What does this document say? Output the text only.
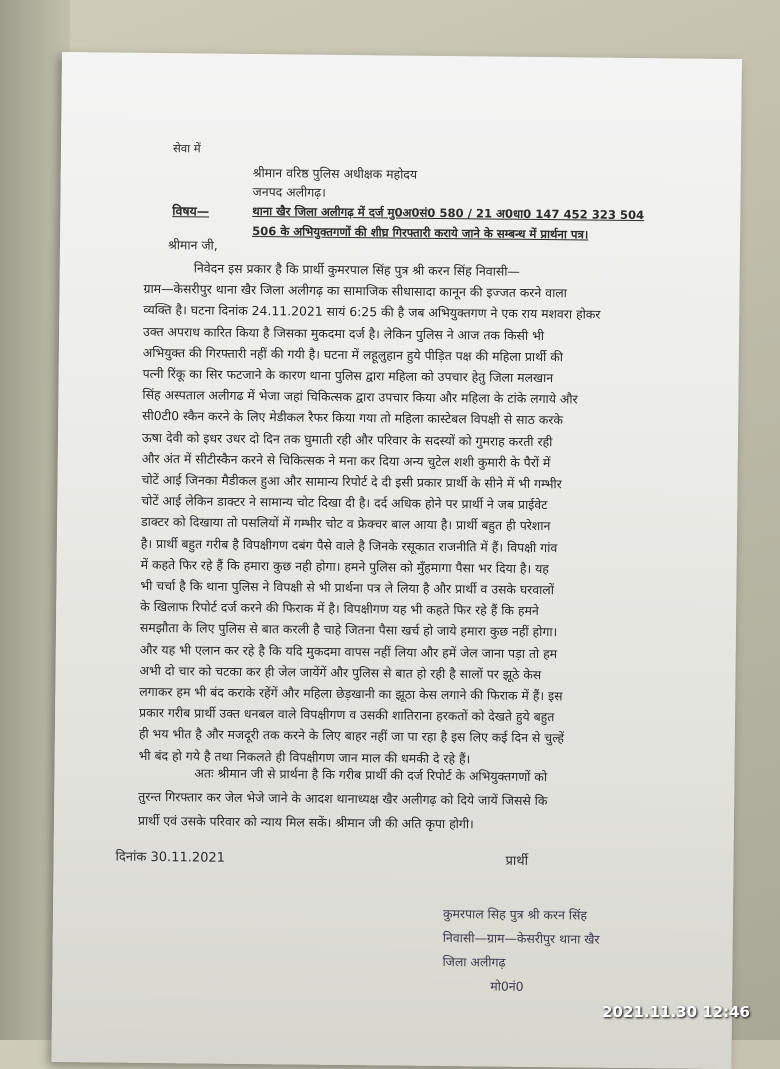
सेवा में
श्रीमान वरिष्ठ पुलिस अधीक्षक महोदय
जनपद अलीगढ़।
विषय—	थाना खैर जिला अलीगढ़ में दर्ज मु0अ0सं0 580 / 21 अ0धा0 147 452 323 504
506 के अभियुक्तगणों की शीघ्र गिरफ्तारी कराये जाने के सम्बन्ध में प्रार्थना पत्र।
श्रीमान जी,
निवेदन इस प्रकार है कि प्रार्थी कुमरपाल सिंह पुत्र श्री करन सिंह निवासी—
ग्राम—केसरीपुर थाना खैर जिला अलीगढ़ का सामाजिक सीधासादा कानून की इज्जत करने वाला
व्यक्ति है। घटना दिनांक 24.11.2021 सायं 6:25 की है जब अभियुक्तगण ने एक राय मशवरा होकर
उक्त अपराध कारित किया है जिसका मुकदमा दर्ज है। लेकिन पुलिस ने आज तक किसी भी
अभियुक्त की गिरफ्तारी नहीं की गयी है। घटना में लहूलुहान हुये पीड़ित पक्ष की महिला प्रार्थी की
पत्नी रिंकू का सिर फटजाने के कारण थाना पुलिस द्वारा महिला को उपचार हेतु जिला मलखान
सिंह अस्पताल अलीगढ में भेजा जहां चिकित्सक द्वारा उपचार किया और महिला के टांके लगाये और
सी0टी0 स्कैन करने के लिए मेडीकल रैफर किया गया तो महिला कास्टेबल विपक्षी से साठ करके
ऊषा देवी को इधर उधर दो दिन तक घुमाती रही और परिवार के सदस्यों को गुमराह करती रही
और अंत में सीटीस्कैन करने से चिकित्सक ने मना कर दिया अन्य चुटेल शशी कुमारी के पैरों में
चोटें आई जिनका मैडीकल हुआ और सामान्य रिपोर्ट दे दी इसी प्रकार प्रार्थी के सीने में भी गम्भीर
चोटें आई लेकिन डाक्टर ने सामान्य चोट दिखा दी है। दर्द अधिक होने पर प्रार्थी ने जब प्राईवेट
डाक्टर को दिखाया तो पसलियों में गम्भीर चोट व फ्रेक्चर बाल आया है। प्रार्थी बहुत ही परेशान
है। प्रार्थी बहुत गरीब है विपक्षीगण दबंग पैसे वाले है जिनके रसूकात राजनीति में हैं। विपक्षी गांव
में कहते फिर रहे हैं कि हमारा कुछ नही होगा। हमने पुलिस को मुँहमागा पैसा भर दिया है। यह
भी चर्चा है कि थाना पुलिस ने विपक्षी से भी प्रार्थना पत्र ले लिया है और प्रार्थी व उसके घरवालों
के खिलाफ रिपोर्ट दर्ज करने की फिराक में है। विपक्षीगण यह भी कहते फिर रहे हैं कि हमने
समझौता के लिए पुलिस से बात करली है चाहे जितना पैसा खर्च हो जाये हमारा कुछ नहीं होगा।
और यह भी एलान कर रहे है कि यदि मुकदमा वापस नहीं लिया और हमें जेल जाना पड़ा तो हम
अभी दो चार को चटका कर ही जेल जायेंगें और पुलिस से बात हो रही है सालों पर झूठे केस
लगाकर हम भी बंद कराके रहेंगें और महिला छेड़खानी का झूठा केस लगाने की फिराक में हैं। इस
प्रकार गरीब प्रार्थी उक्त धनबल वाले विपक्षीगण व उसकी शातिराना हरकतों को देखते हुये बहुत
ही भय भीत है और मजदूरी तक करने के लिए बाहर नहीं जा पा रहा है इस लिए कई दिन से चुल्हें
भी बंद हो गये है तथा निकलते ही विपक्षीगण जान माल की धमकी दे रहे हैं।
अतः श्रीमान जी से प्रार्थना है कि गरीब प्रार्थी की दर्ज रिपोर्ट के अभियुक्तगणों को
तुरन्त गिरफ्तार कर जेल भेजे जाने के आदश थानाध्यक्ष खैर अलीगढ़ को दिये जायें जिससे कि
प्रार्थी एवं उसके परिवार को न्याय मिल सकें। श्रीमान जी की अति कृपा होगी।
दिनांक 30.11.2021	प्रार्थी
कुमरपाल सिह पुत्र श्री करन सिंह
निवासी—ग्राम—केसरीपुर थाना खैर
जिला अलीगढ़
मो0नं0
2021.11.30 12:46
